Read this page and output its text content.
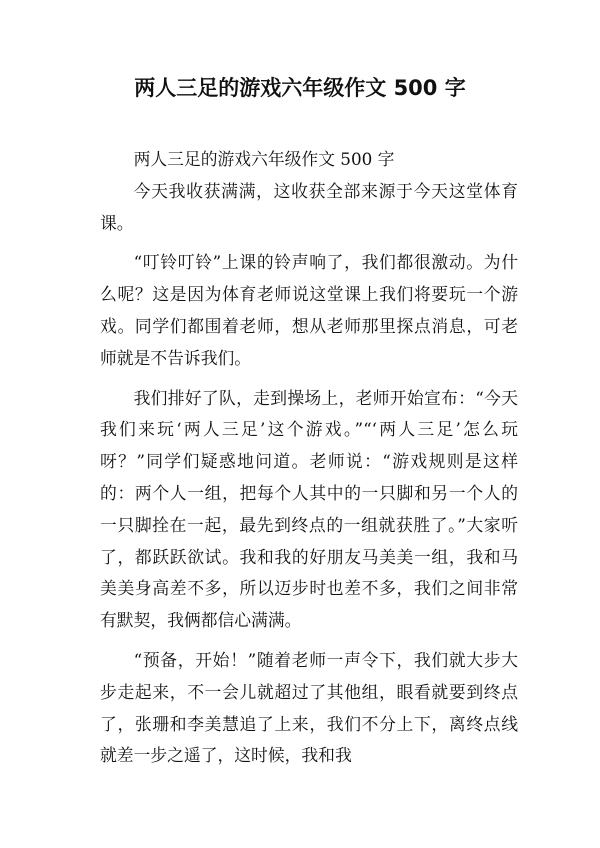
两人三足的游戏六年级作文 500 字

两人三足的游戏六年级作文 500 字

今天我收获满满，这收获全部来源于今天这堂体育课。

“叮铃叮铃”上课的铃声响了，我们都很激动。为什么呢？这是因为体育老师说这堂课上我们将要玩一个游戏。同学们都围着老师，想从老师那里探点消息，可老师就是不告诉我们。

我们排好了队，走到操场上，老师开始宣布：“今天我们来玩‘两人三足’这个游戏。”“‘两人三足’怎么玩呀？”同学们疑惑地问道。老师说：“游戏规则是这样的：两个人一组，把每个人其中的一只脚和另一个人的一只脚拴在一起，最先到终点的一组就获胜了。”大家听了，都跃跃欲试。我和我的好朋友马美美一组，我和马美美身高差不多，所以迈步时也差不多，我们之间非常有默契，我俩都信心满满。

“预备，开始！”随着老师一声令下，我们就大步大步走起来，不一会儿就超过了其他组，眼看就要到终点了，张珊和李美慧追了上来，我们不分上下，离终点线就差一步之遥了，这时候，我和我
